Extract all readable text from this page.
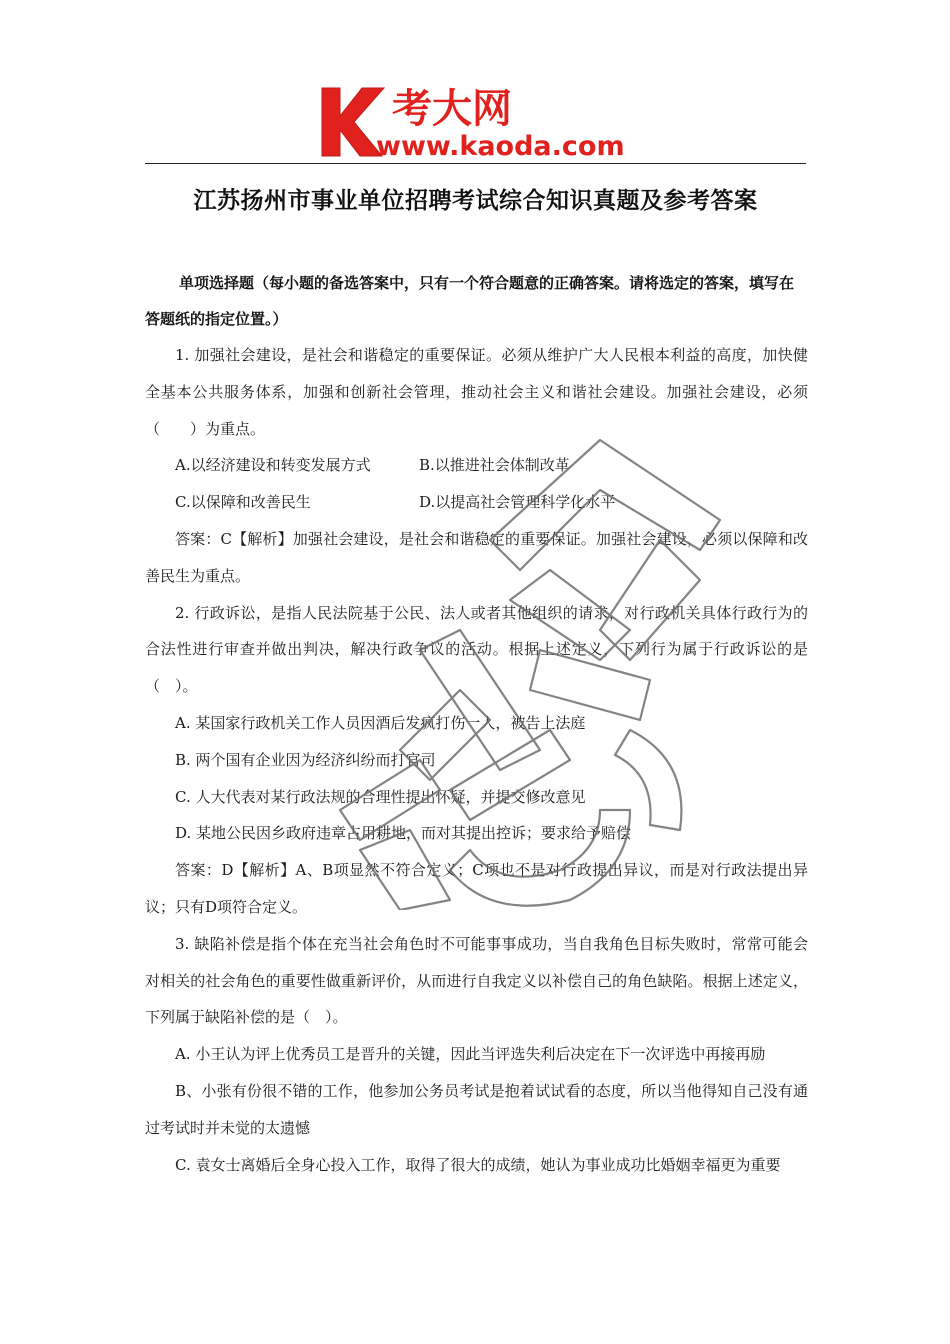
考大网
www.kaoda.com
江苏扬州市事业单位招聘考试综合知识真题及参考答案
单项选择题（每小题的备选答案中，只有一个符合题意的正确答案。请将选定的答案，填写在答题纸的指定位置。）

1. 加强社会建设，是社会和谐稳定的重要保证。必须从维护广大人民根本利益的高度，加快健全基本公共服务体系，加强和创新社会管理，推动社会主义和谐社会建设。加强社会建设，必须（　　）为重点。

A.以经济建设和转变发展方式	B.以推进社会体制改革

C.以保障和改善民生	D.以提高社会管理科学化水平

答案：C【解析】加强社会建设，是社会和谐稳定的重要保证。加强社会建设，必须以保障和改善民生为重点。

2. 行政诉讼，是指人民法院基于公民、法人或者其他组织的请求，对行政机关具体行政行为的合法性进行审查并做出判决，解决行政争议的活动。根据上述定义，下列行为属于行政诉讼的是（　）。

A. 某国家行政机关工作人员因酒后发疯打伤一人，被告上法庭

B. 两个国有企业因为经济纠纷而打官司

C. 人大代表对某行政法规的合理性提出怀疑，并提交修改意见

D. 某地公民因乡政府违章占用耕地，而对其提出控诉；要求给予赔偿

答案：D【解析】A、B项显然不符合定义；C项也不是对行政提出异议，而是对行政法提出异议；只有D项符合定义。

3. 缺陷补偿是指个体在充当社会角色时不可能事事成功，当自我角色目标失败时，常常可能会对相关的社会角色的重要性做重新评价，从而进行自我定义以补偿自己的角色缺陷。根据上述定义，下列属于缺陷补偿的是（　）。

A. 小王认为评上优秀员工是晋升的关键，因此当评选失利后决定在下一次评选中再接再励

B、小张有份很不错的工作，他参加公务员考试是抱着试试看的态度，所以当他得知自己没有通过考试时并未觉的太遗憾

C. 袁女士离婚后全身心投入工作，取得了很大的成绩，她认为事业成功比婚姻幸福更为重要
